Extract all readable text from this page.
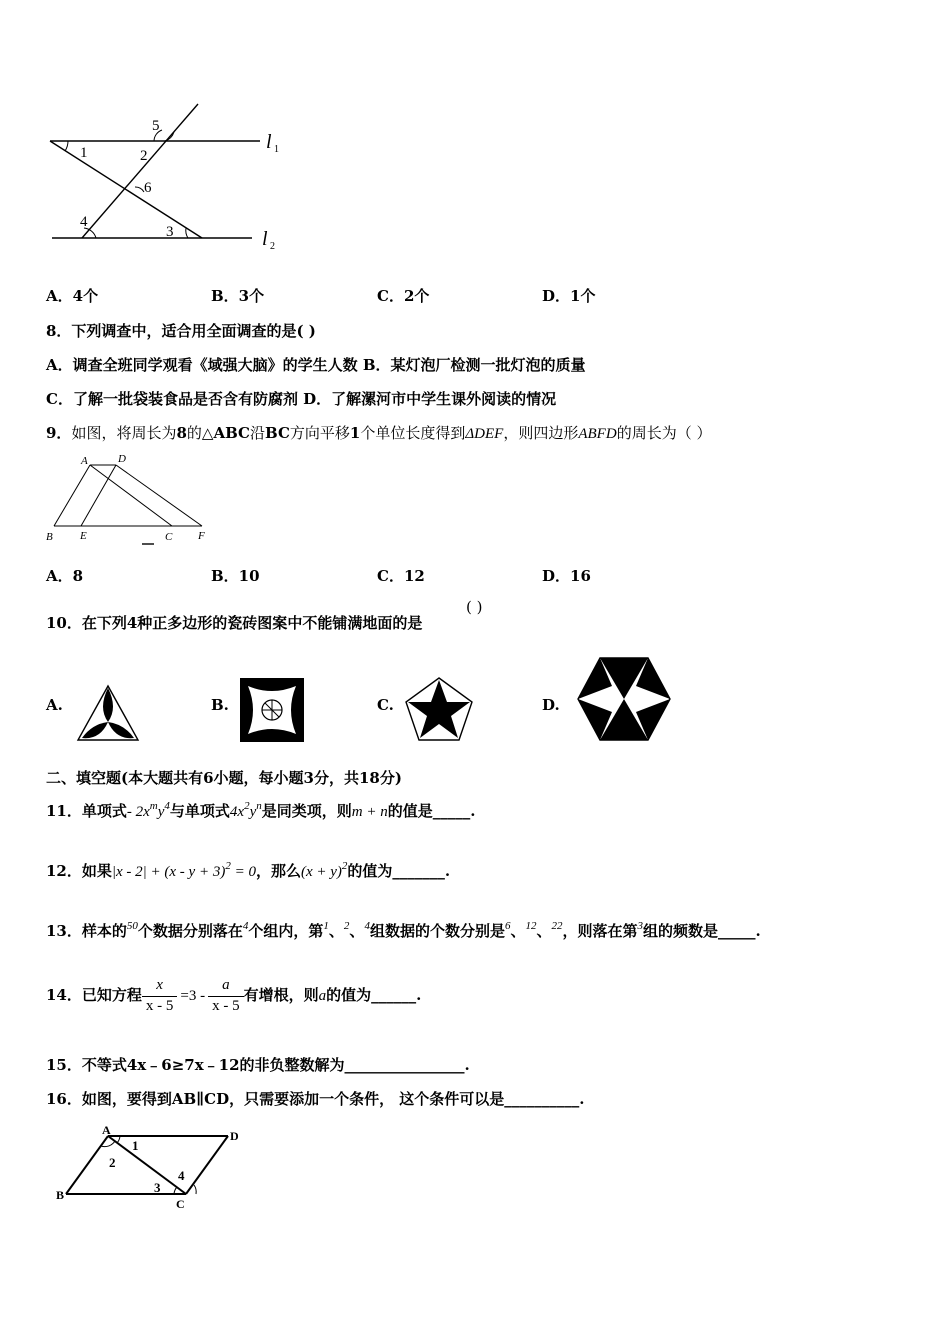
5
1	2
6
4
3
l 1
l 2
A．4个	B．3个	C．2个	D．1个
8．下列调查中，适合用全面调查的是( )
A．调查全班同学观看《域强大脑》的学生人数 B．某灯泡厂检测一批灯泡的质量
C．了解一批袋装食品是否含有防腐剂 D．了解漯河市中学生课外阅读的情况
9．如图，将周长为8的△ABC沿BC方向平移1个单位长度得到ΔDEF，则四边形ABFD的周长为（ ）
A	D
B E	C F
A．8	B．10	C．12	D．16
10．在下列4种正多边形的瓷砖图案中不能铺满地面的是
( )
A.	B.	C.	D.
二、填空题(本大题共有6小题，每小题3分，共18分)
11．单项式- $2x^my^4$与单项式$4x^2y^n$是同类项，则m + n的值是_____.
12．如果$|x - 2| + (x - y + 3)^2 = 0$，那么$(x + y)^2$的值为_______.
13．样本的$^{50}$个数据分别落在$^4$个组内，第$^1$、$^2$、$^4$组数据的个数分别是$^6$、$^{12}$、$^{22}$，则落在第$^3$组的频数是_____.
14．已知方程 $\frac{x}{x - 5} =3 - \frac{a}{x - 5}$ 有增根，则a的值为______.
15．不等式4x﹣6≥7x﹣12的非负整数解为________________.
16．如图，要得到AB∥CD，只需要添加一个条件， 这个条件可以是__________.
A
1
D
2
4
3
B
C
